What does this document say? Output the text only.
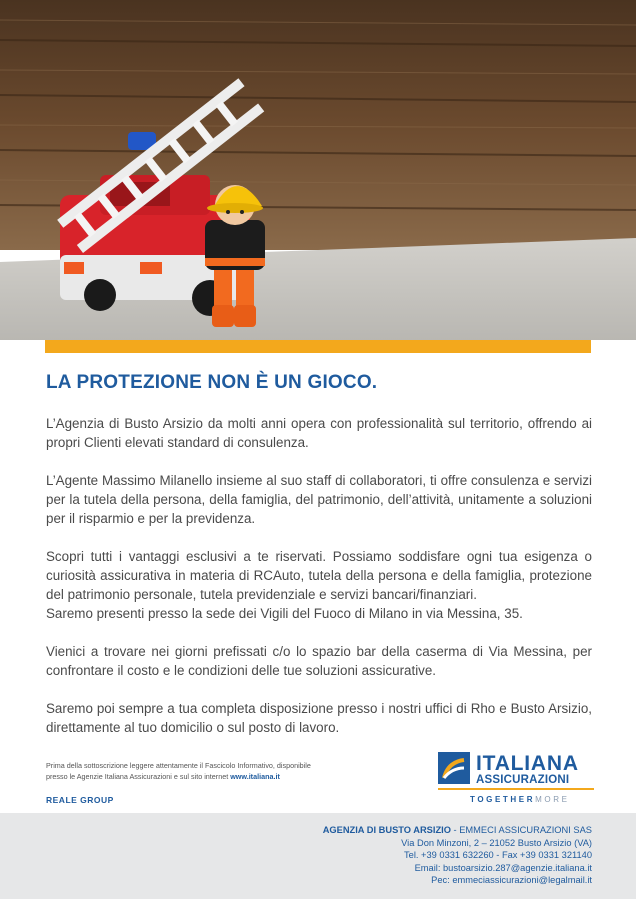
LA PROTEZIONE NON È UN GIOCO.

L’Agenzia di Busto Arsizio da molti anni opera con professionalità sul territorio, offrendo ai propri Clienti elevati standard di consulenza.

L’Agente Massimo Milanello insieme al suo staff di collaboratori, ti offre consulenza e servizi per la tutela della persona, della famiglia, del patrimonio, dell’attività, unitamente a soluzioni per il risparmio e per la previdenza.

Scopri tutti i vantaggi esclusivi a te riservati. Possiamo soddisfare ogni tua esigenza o curiosità assicurativa in materia di RCAuto, tutela della persona e della famiglia, protezione del patrimonio personale, tutela previdenziale e servizi bancari/finanziari.

Saremo presenti presso la sede dei Vigili del Fuoco di Milano in via Messina, 35.

Vienici a trovare nei giorni prefissati c/o lo spazio bar della caserma di Via Messina, per confrontare il costo e le condizioni delle tue soluzioni assicurative.

Saremo poi sempre a tua completa disposizione presso i nostri uffici di Rho e Busto Arsizio, direttamente al tuo domicilio o sul posto di lavoro.

Prima della sottoscrizione leggere attentamente il Fascicolo Informativo, disponibile
presso le Agenzie Italiana Assicurazioni e sul sito internet www.italiana.it
ITALIANA
ASSICURAZIONI
REALE GROUP	TOGETHERMORE
AGENZIA DI BUSTO ARSIZIO - EMMECI ASSICURAZIONI SAS
Via Don Minzoni, 2 – 21052 Busto Arsizio (VA)
Tel. +39 0331 632260 - Fax +39 0331 321140
Email: bustoarsizio.287@agenzie.italiana.it
Pec: emmeciassicurazioni@legalmail.it
